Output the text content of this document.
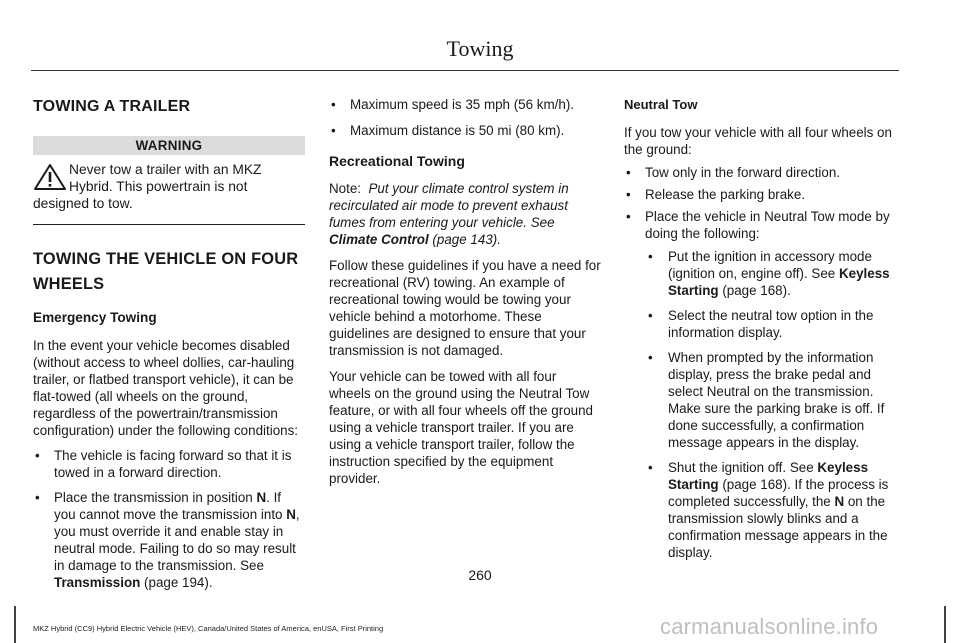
Towing
TOWING A TRAILER
WARNING
Never tow a trailer with an MKZ Hybrid. This powertrain is not designed to tow.
TOWING THE VEHICLE ON FOUR WHEELS
Emergency Towing

In the event your vehicle becomes disabled (without access to wheel dollies, car-hauling trailer, or flatbed transport vehicle), it can be flat-towed (all wheels on the ground, regardless of the powertrain/transmission configuration) under the following conditions:

• The vehicle is facing forward so that it is towed in a forward direction.
• Place the transmission in position N. If you cannot move the transmission into N, you must override it and enable stay in neutral mode. Failing to do so may result in damage to the transmission. See Transmission (page 194).
• Maximum speed is 35 mph (56 km/h).
• Maximum distance is 50 mi (80 km).
Recreational Towing

Note: Put your climate control system in recirculated air mode to prevent exhaust fumes from entering your vehicle. See Climate Control (page 143).

Follow these guidelines if you have a need for recreational (RV) towing. An example of recreational towing would be towing your vehicle behind a motorhome. These guidelines are designed to ensure that your transmission is not damaged.

Your vehicle can be towed with all four wheels on the ground using the Neutral Tow feature, or with all four wheels off the ground using a vehicle transport trailer. If you are using a vehicle transport trailer, follow the instruction specified by the equipment provider.

Neutral Tow

If you tow your vehicle with all four wheels on the ground:

• Tow only in the forward direction.
• Release the parking brake.
• Place the vehicle in Neutral Tow mode by doing the following:
• Put the ignition in accessory mode (ignition on, engine off). See Keyless Starting (page 168).
• Select the neutral tow option in the information display.
• When prompted by the information display, press the brake pedal and select Neutral on the transmission. Make sure the parking brake is off. If done successfully, a confirmation message appears in the display.
• Shut the ignition off. See Keyless Starting (page 168). If the process is completed successfully, the N on the transmission slowly blinks and a confirmation message appears in the display.
260
MKZ Hybrid (CC9) Hybrid Electric Vehicle (HEV), Canada/United States of America, enUSA, First Printing	carmanualsonline.info
